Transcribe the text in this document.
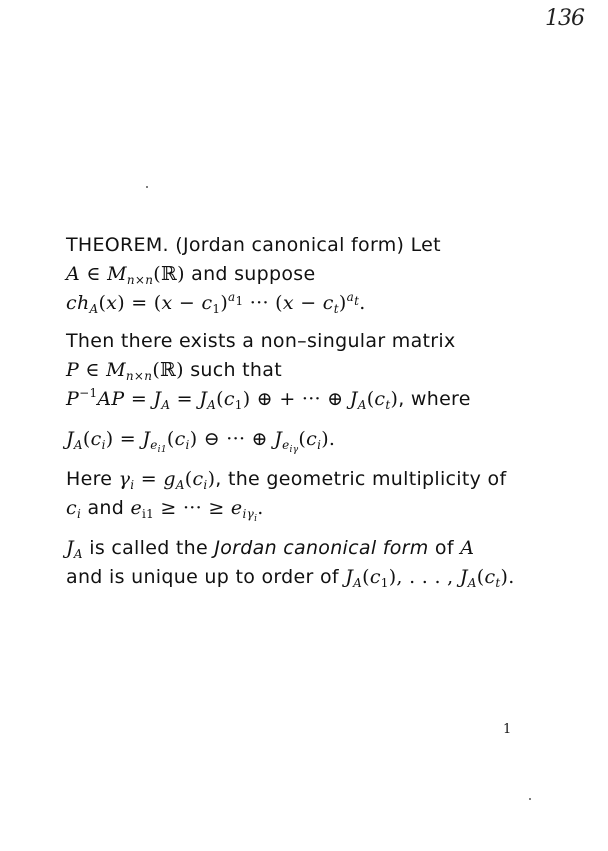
136
THEOREM. (Jordan canonical form) Let
A ∈ $M_{n\times n}(ℝ)$ and suppose
$ch_A(x) = (x - c_1)^{a_1}$ ··· $(x - c_t)^{a_t}$.
Then there exists a non–singular matrix
P ∈ $M_{n\times n}(ℝ)$ such that
$P^{-1}AP = J_A = J_A(c_1)$ ⊕ + ··· ⊕ $J_A(c_t)$, where
$J_A(c_i) = J_{e_{i1}}(c_i)$ ⊖ ··· ⊕ $J_{e_{i\gamma}}(c_i)$.
Here $\gamma_i = g_A(c_i)$, the geometric multiplicity of
$c_i$ and $e_{i1}$ ≥ ··· ≥ $e_{i\gamma_i}$.
$J_A$ is called the Jordan canonical form of A
and is unique up to order of $J_A(c_1)$, . . . , $J_A(c_t)$.
1
